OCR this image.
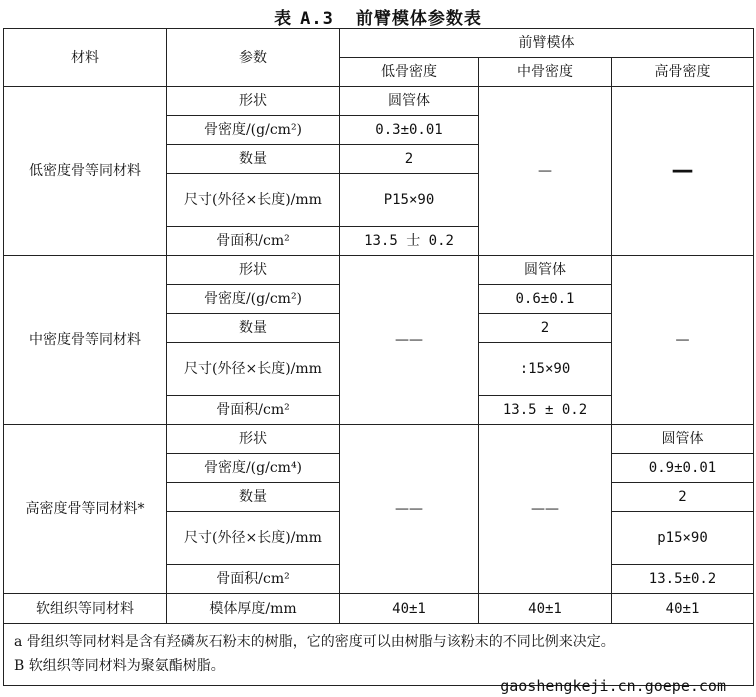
表 A.3 前臂模体参数表
材料	参数	前臂模体		
		低骨密度	中骨密度	高骨密度
低密度骨等同材料	形状	圆管体	—	—
	骨密度/(g/cm²)	0.3±0.01		
	数量	2		
	尺寸(外径×长度)/mm	P15×90		
	骨面积/cm²	13.5 士 0.2		
中密度骨等同材料	形状	——	圆管体	—
	骨密度/(g/cm²)		0.6±0.1	
	数量		2	
	尺寸(外径×长度)/mm		:15×90	
	骨面积/cm²		13.5 ± 0.2	
高密度骨等同材料*	形状	——	——	圆管体
	骨密度/(g/cm⁴)			0.9±0.01
	数量			2
	尺寸(外径×长度)/mm			p15×90
	骨面积/cm²			13.5±0.2
软组织等同材料	模体厚度/mm	40±1	40±1	40±1

a 骨组织等同材料是含有羟磷灰石粉末的树脂，它的密度可以由树脂与该粉末的不同比例来决定。
B 软组织等同材料为聚氨酯树脂。				
gaoshengkeji.cn.goepe.com
